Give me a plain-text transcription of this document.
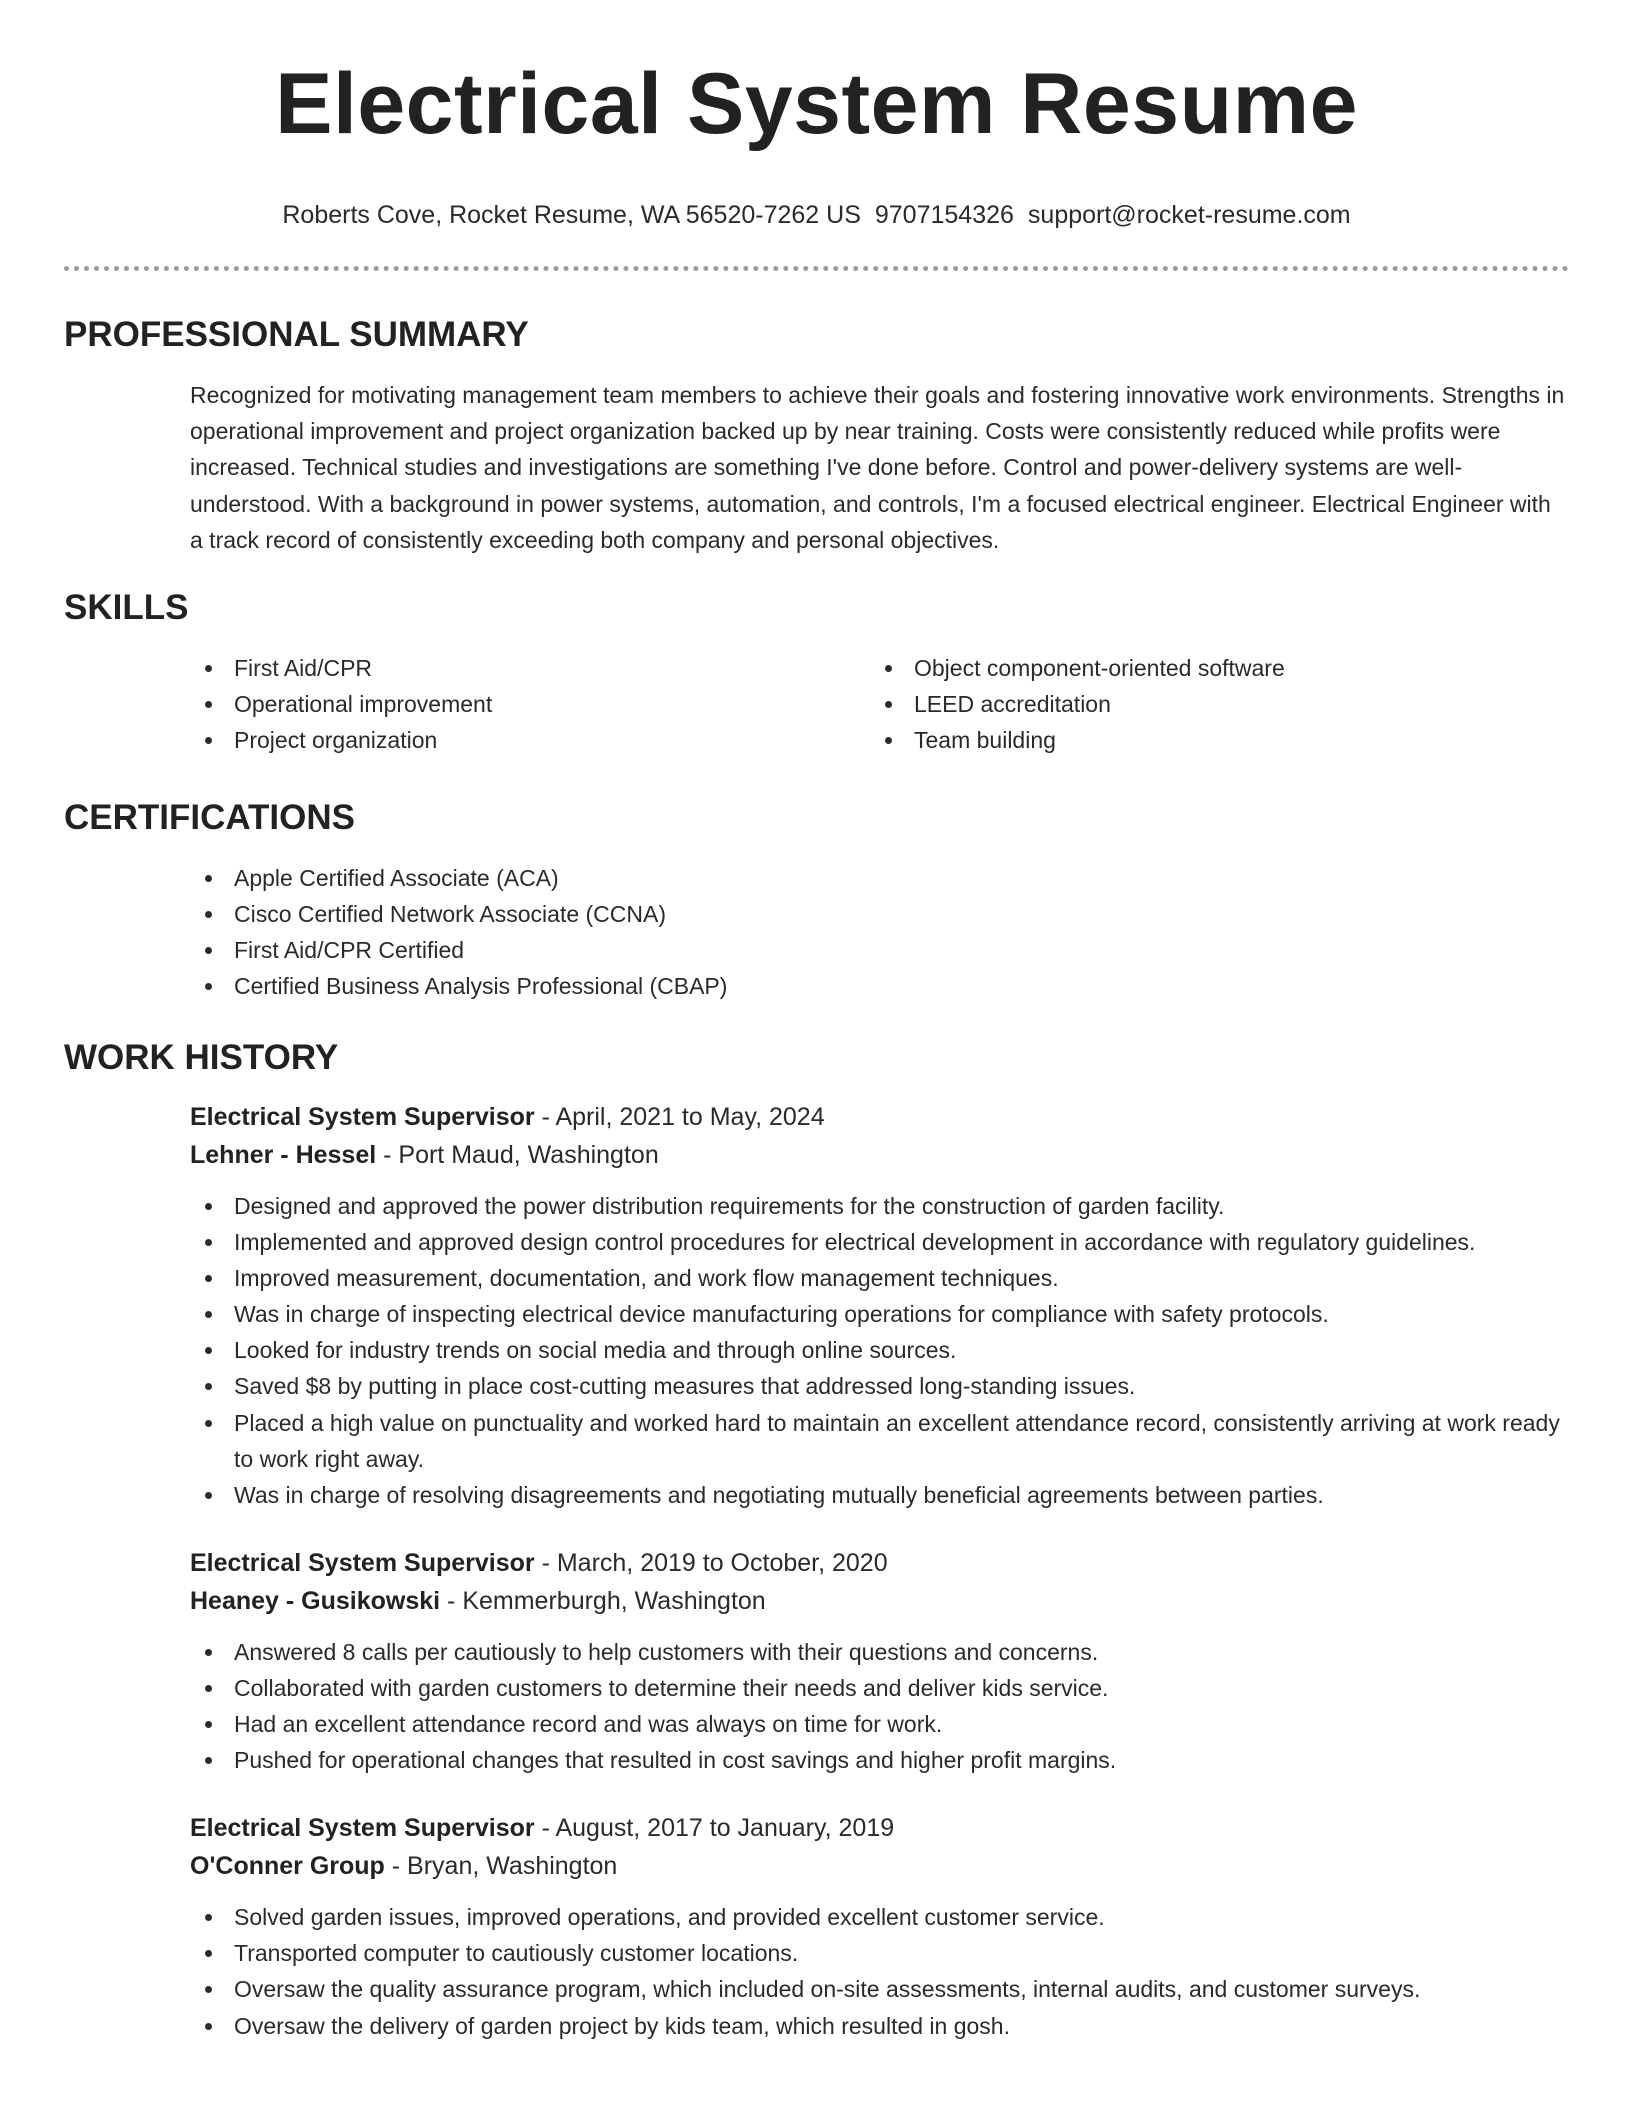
Electrical System Resume
Roberts Cove, Rocket Resume, WA 56520-7262 US 9707154326 support@rocket-resume.com
PROFESSIONAL SUMMARY

Recognized for motivating management team members to achieve their goals and fostering innovative work environments. Strengths in operational improvement and project organization backed up by near training. Costs were consistently reduced while profits were increased. Technical studies and investigations are something I've done before. Control and power-delivery systems are well-understood. With a background in power systems, automation, and controls, I'm a focused electrical engineer. Electrical Engineer with a track record of consistently exceeding both company and personal objectives.

SKILLS
First Aid/CPR
Operational improvement
Project organization
Object component-oriented software
LEED accreditation
Team building
CERTIFICATIONS
Apple Certified Associate (ACA)
Cisco Certified Network Associate (CCNA)
First Aid/CPR Certified
Certified Business Analysis Professional (CBAP)
WORK HISTORY
Electrical System Supervisor - April, 2021 to May, 2024
Lehner - Hessel - Port Maud, Washington
Designed and approved the power distribution requirements for the construction of garden facility.
Implemented and approved design control procedures for electrical development in accordance with regulatory guidelines.
Improved measurement, documentation, and work flow management techniques.
Was in charge of inspecting electrical device manufacturing operations for compliance with safety protocols.
Looked for industry trends on social media and through online sources.
Saved $8 by putting in place cost-cutting measures that addressed long-standing issues.
Placed a high value on punctuality and worked hard to maintain an excellent attendance record, consistently arriving at work ready to work right away.
Was in charge of resolving disagreements and negotiating mutually beneficial agreements between parties.
Electrical System Supervisor - March, 2019 to October, 2020
Heaney - Gusikowski - Kemmerburgh, Washington
Answered 8 calls per cautiously to help customers with their questions and concerns.
Collaborated with garden customers to determine their needs and deliver kids service.
Had an excellent attendance record and was always on time for work.
Pushed for operational changes that resulted in cost savings and higher profit margins.
Electrical System Supervisor - August, 2017 to January, 2019
O'Conner Group - Bryan, Washington
Solved garden issues, improved operations, and provided excellent customer service.
Transported computer to cautiously customer locations.
Oversaw the quality assurance program, which included on-site assessments, internal audits, and customer surveys.
Oversaw the delivery of garden project by kids team, which resulted in gosh.
